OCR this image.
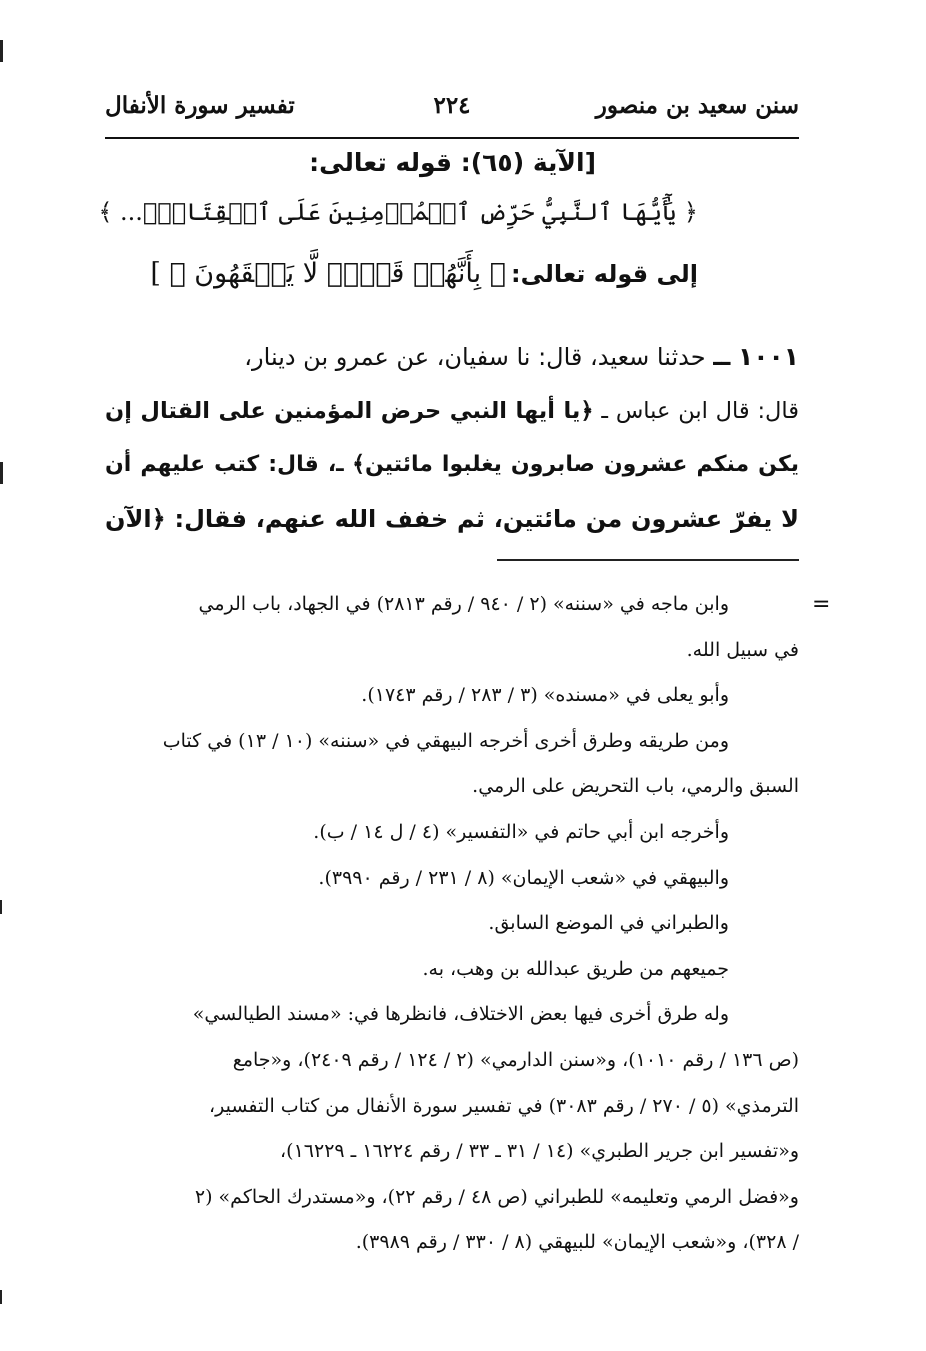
سنن سعيد بن منصور
٢٢٤
تفسير سورة الأنفال
[الآية (٦٥): قوله تعالى:
﴿ يَٰٓأَيُّهَا ٱلنَّبِيُّ حَرِّضِ ٱلۡمُؤۡمِنِينَ عَلَى ٱلۡقِتَالِۚ... ﴾
إلى قوله تعالى: ﴿ بِأَنَّهُمۡ قَوۡمٞ لَّا يَفۡقَهُونَ ﴾ ]
١٠٠١ ــ حدثنا سعيد، قال: نا سفيان، عن عمرو بن دينار،
قال: قال ابن عباس ـ ﴿يا أيها النبي حرض المؤمنين على القتال إن
يكن منكم عشرون صابرون يغلبوا مائتين﴾ ـ، قال: كتب عليهم أن
لا يفرّ عشرون من مائتين، ثم خفف الله عنهم، فقال: ﴿الآن
=
وابن ماجه في «سننه» (٢ / ٩٤٠ / رقم ٢٨١٣) في الجهاد، باب الرمي
في سبيل الله.
وأبو يعلى في «مسنده» (٣ / ٢٨٣ / رقم ١٧٤٣).
ومن طريقه وطرق أخرى أخرجه البيهقي في «سننه» (١٠ / ١٣) في كتاب
السبق والرمي، باب التحريض على الرمي.
وأخرجه ابن أبي حاتم في «التفسير» (٤ / ل ١٤ / ب).
والبيهقي في «شعب الإيمان» (٨ / ٢٣١ / رقم ٣٩٩٠).
والطبراني في الموضع السابق.
جميعهم من طريق عبدالله بن وهب، به.
وله طرق أخرى فيها بعض الاختلاف، فانظرها في: «مسند الطيالسي»
(ص ١٣٦ / رقم ١٠١٠)، و«سنن الدارمي» (٢ / ١٢٤ / رقم ٢٤٠٩)، و«جامع
الترمذي» (٥ / ٢٧٠ / رقم ٣٠٨٣) في تفسير سورة الأنفال من كتاب التفسير،
و«تفسير ابن جرير الطبري» (١٤ / ٣١ ـ ٣٣ / رقم ١٦٢٢٤ ـ ١٦٢٢٩)،
و«فضل الرمي وتعليمه» للطبراني (ص ٤٨ / رقم ٢٢)، و«مستدرك الحاكم» (٢
/ ٣٢٨)، و«شعب الإيمان» للبيهقي (٨ / ٣٣٠ / رقم ٣٩٨٩).
